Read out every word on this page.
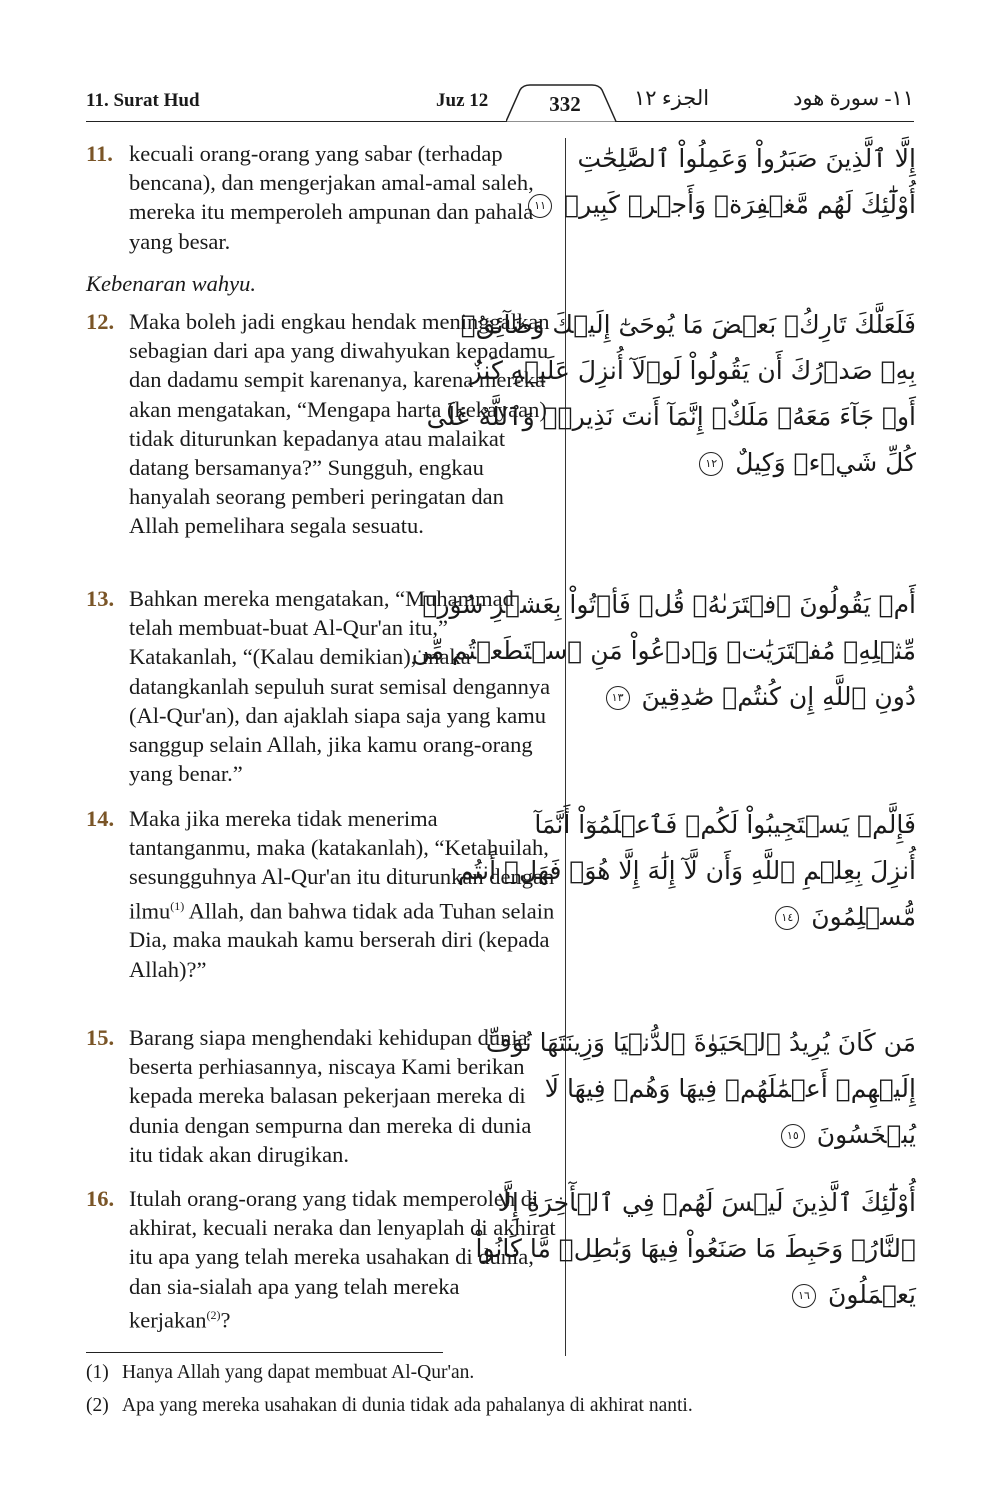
11. Surat Hud	Juz 12	الجزء ١٢	١١- سورة هود
332
11. kecuali orang-orang yang sabar (terhadap bencana), dan mengerjakan amal-amal saleh, mereka itu memperoleh ampunan dan pahala yang besar.
Kebenaran wahyu.
12. Maka boleh jadi engkau hendak meninggalkan sebagian dari apa yang diwahyukan kepadamu dan dadamu sempit karenanya, karena mereka akan mengatakan, “Mengapa harta (kekayaan) tidak diturunkan kepadanya atau malaikat datang bersamanya?” Sungguh, engkau hanyalah seorang pemberi peringatan dan Allah pemelihara segala sesuatu.
13. Bahkan mereka mengatakan, “Muhammad telah membuat-buat Al-Qur'an itu,” Katakanlah, “(Kalau demikian), maka datangkanlah sepuluh surat semisal dengannya (Al-Qur'an), dan ajaklah siapa saja yang kamu sanggup selain Allah, jika kamu orang-orang yang benar.”
14. Maka jika mereka tidak menerima tantanganmu, maka (katakanlah), “Ketahuilah, sesungguhnya Al-Qur'an itu diturunkan dengan ilmu$^{(1)}$ Allah, dan bahwa tidak ada Tuhan selain Dia, maka maukah kamu berserah diri (kepada Allah)?”
15. Barang siapa menghendaki kehidupan dunia beserta perhiasannya, niscaya Kami berikan kepada mereka balasan pekerjaan mereka di dunia dengan sempurna dan mereka di dunia itu tidak akan dirugikan.
16. Itulah orang-orang yang tidak memperoleh di akhirat, kecuali neraka dan lenyaplah di akhirat itu apa yang telah mereka usahakan di dunia, dan sia-sialah apa yang telah mereka kerjakan$^{(2)}$?
إِلَّا ٱلَّذِينَ صَبَرُواْ وَعَمِلُواْ ٱلصَّٰلِحَٰتِ
أُوْلَٰٓئِكَ لَهُم مَّغۡفِرَةٞ وَأَجۡرٞ كَبِيرٞ ١١
فَلَعَلَّكَ تَارِكُۢ بَعۡضَ مَا يُوحَىٰٓ إِلَيۡكَ وَضَآئِقُۢ
بِهِۦ صَدۡرُكَ أَن يَقُولُواْ لَوۡلَآ أُنزِلَ عَلَيۡهِ كَنزٌ
أَوۡ جَآءَ مَعَهُۥ مَلَكٌۚ إِنَّمَآ أَنتَ نَذِيرٞۚ وَٱللَّهُ عَلَىٰ
كُلِّ شَيۡءٖ وَكِيلٌ ١٢
أَمۡ يَقُولُونَ ٱفۡتَرَىٰهُۖ قُلۡ فَأۡتُواْ بِعَشۡرِ سُوَرٖ
مِّثۡلِهِۦ مُفۡتَرَيَٰتٖ وَٱدۡعُواْ مَنِ ٱسۡتَطَعۡتُم مِّن
دُونِ ٱللَّهِ إِن كُنتُمۡ صَٰدِقِينَ ١٣
فَإِلَّمۡ يَسۡتَجِيبُواْ لَكُمۡ فَٱعۡلَمُوٓاْ أَنَّمَآ
أُنزِلَ بِعِلۡمِ ٱللَّهِ وَأَن لَّآ إِلَٰهَ إِلَّا هُوَۖ فَهَلۡ أَنتُم
مُّسۡلِمُونَ ١٤
مَن كَانَ يُرِيدُ ٱلۡحَيَوٰةَ ٱلدُّنۡيَا وَزِينَتَهَا نُوَفِّ
إِلَيۡهِمۡ أَعۡمَٰلَهُمۡ فِيهَا وَهُمۡ فِيهَا لَا
يُبۡخَسُونَ ١٥
أُوْلَٰٓئِكَ ٱلَّذِينَ لَيۡسَ لَهُمۡ فِي ٱلۡأٓخِرَةِ إِلَّا
ٱلنَّارُۖ وَحَبِطَ مَا صَنَعُواْ فِيهَا وَبَٰطِلٞ مَّا كَانُواْ
يَعۡمَلُونَ ١٦
(1) Hanya Allah yang dapat membuat Al-Qur'an.
(2) Apa yang mereka usahakan di dunia tidak ada pahalanya di akhirat nanti.
